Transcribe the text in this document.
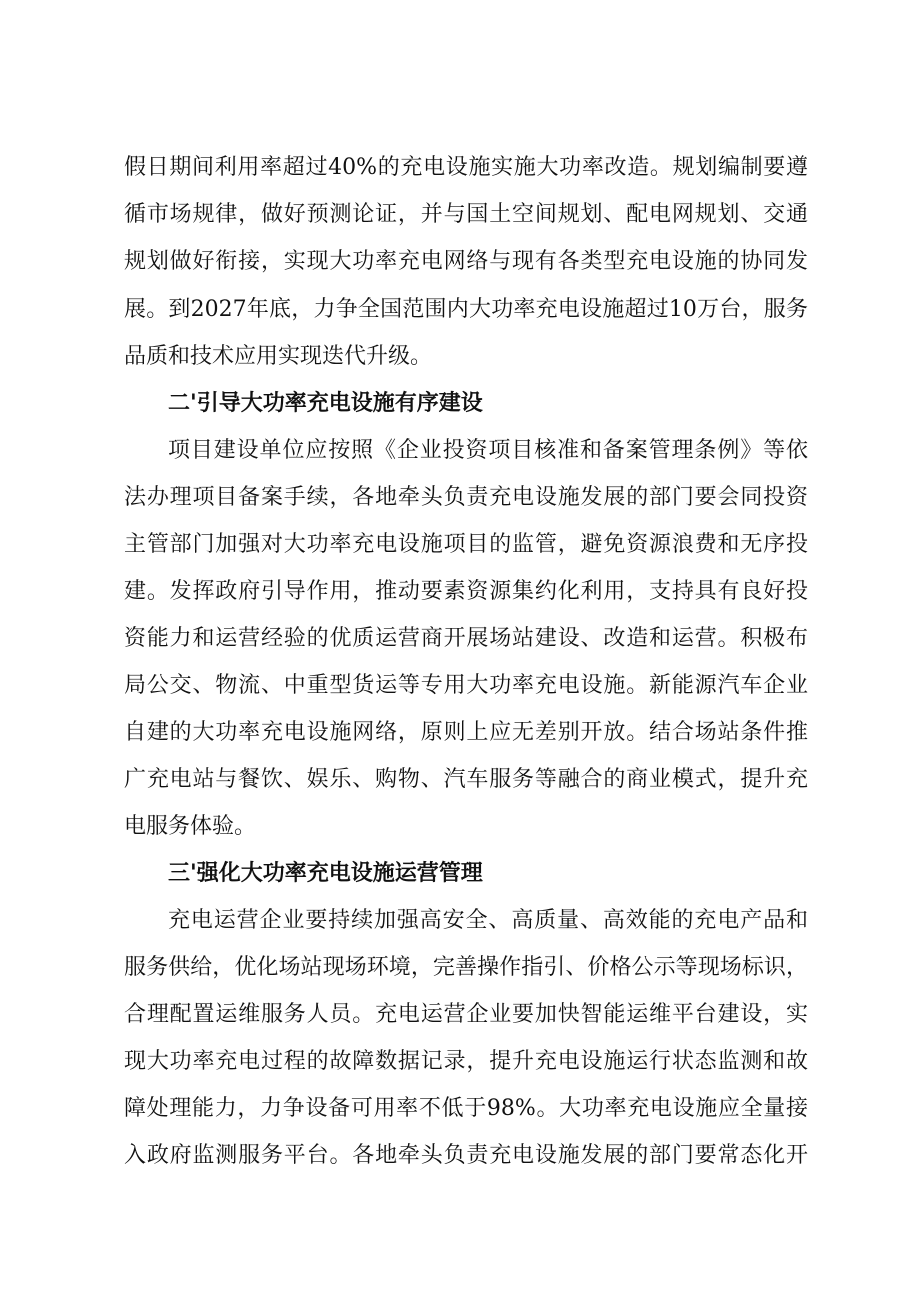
假日期间利用率超过40%的充电设施实施大功率改造。规划编制要遵
循市场规律，做好预测论证，并与国土空间规划、配电网规划、交通
规划做好衔接，实现大功率充电网络与现有各类型充电设施的协同发
展。到2027年底，力争全国范围内大功率充电设施超过10万台，服务
品质和技术应用实现迭代升级。
二'引导大功率充电设施有序建设
项目建设单位应按照《企业投资项目核准和备案管理条例》等依
法办理项目备案手续，各地牵头负责充电设施发展的部门要会同投资
主管部门加强对大功率充电设施项目的监管，避免资源浪费和无序投
建。发挥政府引导作用，推动要素资源集约化利用，支持具有良好投
资能力和运营经验的优质运营商开展场站建设、改造和运营。积极布
局公交、物流、中重型货运等专用大功率充电设施。新能源汽车企业
自建的大功率充电设施网络，原则上应无差别开放。结合场站条件推
广充电站与餐饮、娱乐、购物、汽车服务等融合的商业模式，提升充
电服务体验。
三'强化大功率充电设施运营管理
充电运营企业要持续加强高安全、高质量、高效能的充电产品和
服务供给，优化场站现场环境，完善操作指引、价格公示等现场标识，
合理配置运维服务人员。充电运营企业要加快智能运维平台建设，实
现大功率充电过程的故障数据记录，提升充电设施运行状态监测和故
障处理能力，力争设备可用率不低于98%。大功率充电设施应全量接
入政府监测服务平台。各地牵头负责充电设施发展的部门要常态化开
